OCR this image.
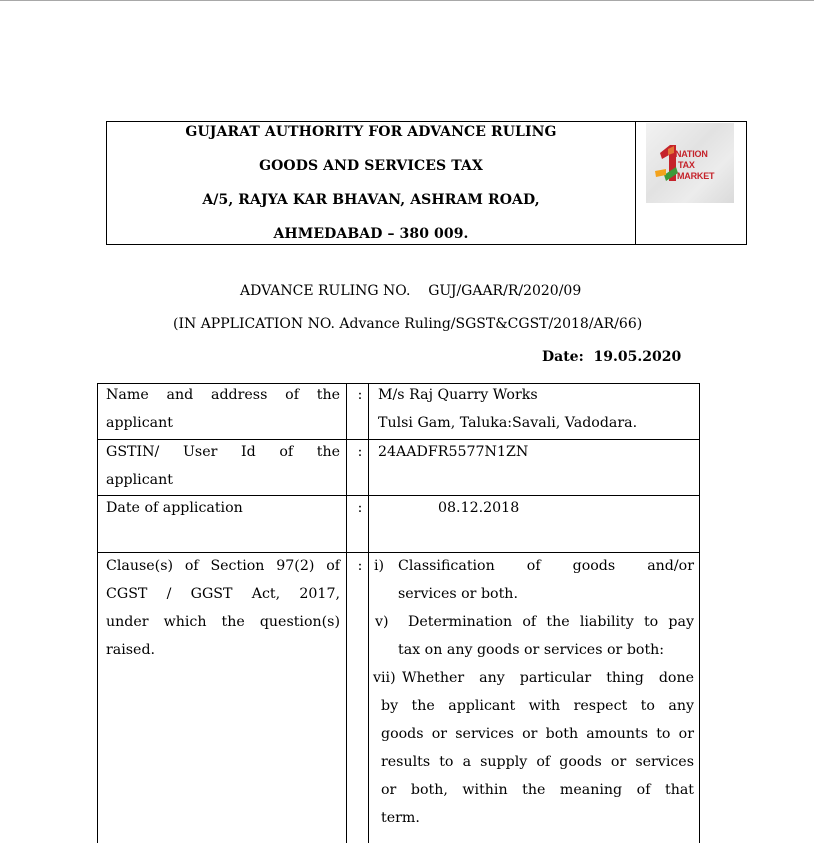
GUJARAT AUTHORITY FOR ADVANCE RULING
GOODS AND SERVICES TAX
A/5, RAJYA KAR BHAVAN, ASHRAM ROAD,
AHMEDABAD – 380 009.
NATION
TAX
MARKET
ADVANCE RULING NO. GUJ/GAAR/R/2020/09
(IN APPLICATION NO. Advance Ruling/SGST&CGST/2018/AR/66)
Date: 19.05.2020
Name and address of the
applicant
:	M/s Raj Quarry Works
Tulsi Gam, Taluka:Savali, Vadodara.
GSTIN/ User Id of the
applicant
:	24AADFR5577N1ZN
Date of application	:	08.12.2018
Clause(s) of Section 97(2) of
CGST / GGST Act, 2017,
under which the question(s)
raised.
: i) Classification of goods and/or
services or both.
v) Determination of the liability to pay
tax on any goods or services or both:
vii) Whether any particular thing done
by the applicant with respect to any
goods or services or both amounts to or
results to a supply of goods or services
or both, within the meaning of that
term.
